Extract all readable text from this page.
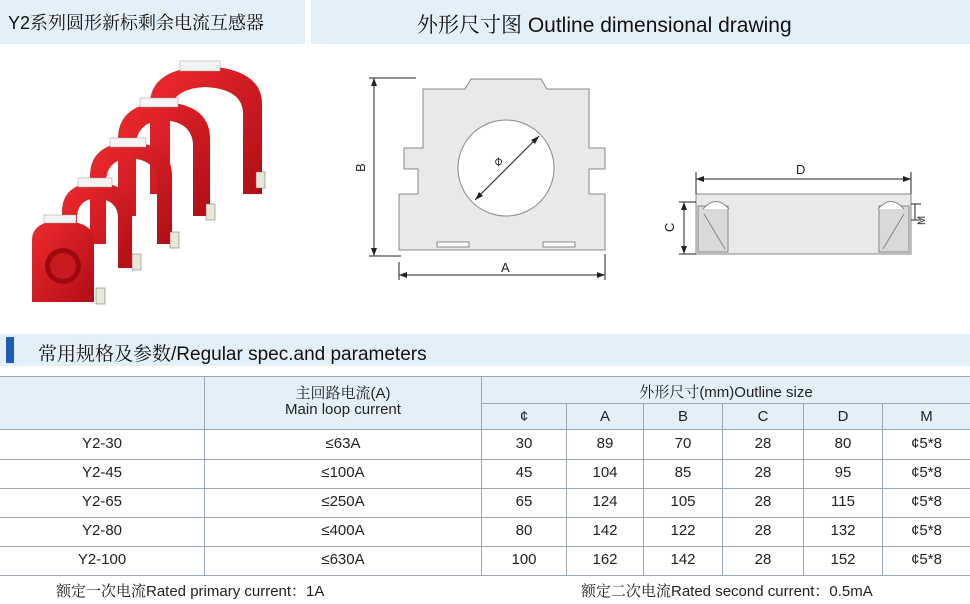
Y2系列圆形新标剩余电流互感器	外形尺寸图 Outline dimensional drawing
B
A
D
C
M
⌀
常用规格及参数/Regular spec.and parameters
主回路电流(A)
Main loop current
外形尺寸(mm)Outline size
¢	A	B	C	D	M
Y2-30	≤63A	30	89	70	28	80	¢5*8
Y2-45	≤100A	45	104	85	28	95	¢5*8
Y2-65	≤250A	65	124	105	28	115	¢5*8
Y2-80	≤400A	80	142	122	28	132	¢5*8
Y2-100	≤630A	100	162	142	28	152	¢5*8
额定一次电流Rated primary current：1A	额定二次电流Rated second current：0.5mA
